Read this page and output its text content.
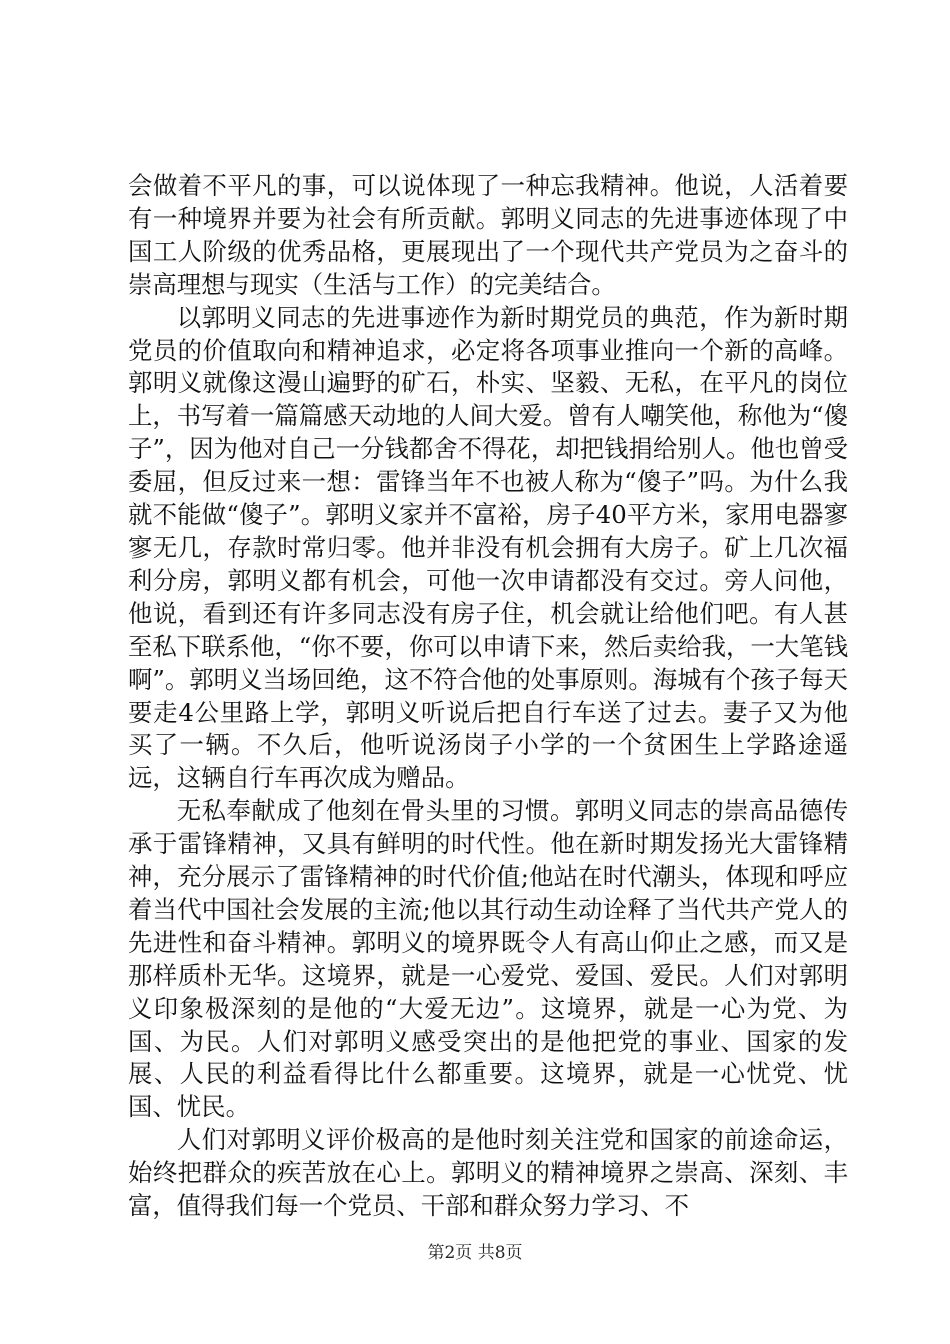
会做着不平凡的事，可以说体现了一种忘我精神。他说，人活着要有一种境界并要为社会有所贡献。郭明义同志的先进事迹体现了中国工人阶级的优秀品格，更展现出了一个现代共产党员为之奋斗的崇高理想与现实（生活与工作）的完美结合。

以郭明义同志的先进事迹作为新时期党员的典范，作为新时期党员的价值取向和精神追求，必定将各项事业推向一个新的高峰。郭明义就像这漫山遍野的矿石，朴实、坚毅、无私，在平凡的岗位上，书写着一篇篇感天动地的人间大爱。曾有人嘲笑他，称他为“傻子”，因为他对自己一分钱都舍不得花，却把钱捐给别人。他也曾受委屈，但反过来一想：雷锋当年不也被人称为“傻子”吗。为什么我就不能做“傻子”。郭明义家并不富裕，房子40平方米，家用电器寥寥无几，存款时常归零。他并非没有机会拥有大房子。矿上几次福利分房，郭明义都有机会，可他一次申请都没有交过。旁人问他，他说，看到还有许多同志没有房子住，机会就让给他们吧。有人甚至私下联系他，“你不要，你可以申请下来，然后卖给我，一大笔钱啊”。郭明义当场回绝，这不符合他的处事原则。海城有个孩子每天要走4公里路上学，郭明义听说后把自行车送了过去。妻子又为他买了一辆。不久后，他听说汤岗子小学的一个贫困生上学路途遥远，这辆自行车再次成为赠品。

无私奉献成了他刻在骨头里的习惯。郭明义同志的崇高品德传承于雷锋精神，又具有鲜明的时代性。他在新时期发扬光大雷锋精神，充分展示了雷锋精神的时代价值;他站在时代潮头，体现和呼应着当代中国社会发展的主流;他以其行动生动诠释了当代共产党人的先进性和奋斗精神。郭明义的境界既令人有高山仰止之感，而又是那样质朴无华。这境界，就是一心爱党、爱国、爱民。人们对郭明义印象极深刻的是他的“大爱无边”。这境界，就是一心为党、为国、为民。人们对郭明义感受突出的是他把党的事业、国家的发展、人民的利益看得比什么都重要。这境界，就是一心忧党、忧国、忧民。

人们对郭明义评价极高的是他时刻关注党和国家的前途命运，始终把群众的疾苦放在心上。郭明义的精神境界之崇高、深刻、丰富，值得我们每一个党员、干部和群众努力学习、不

第2页 共8页
